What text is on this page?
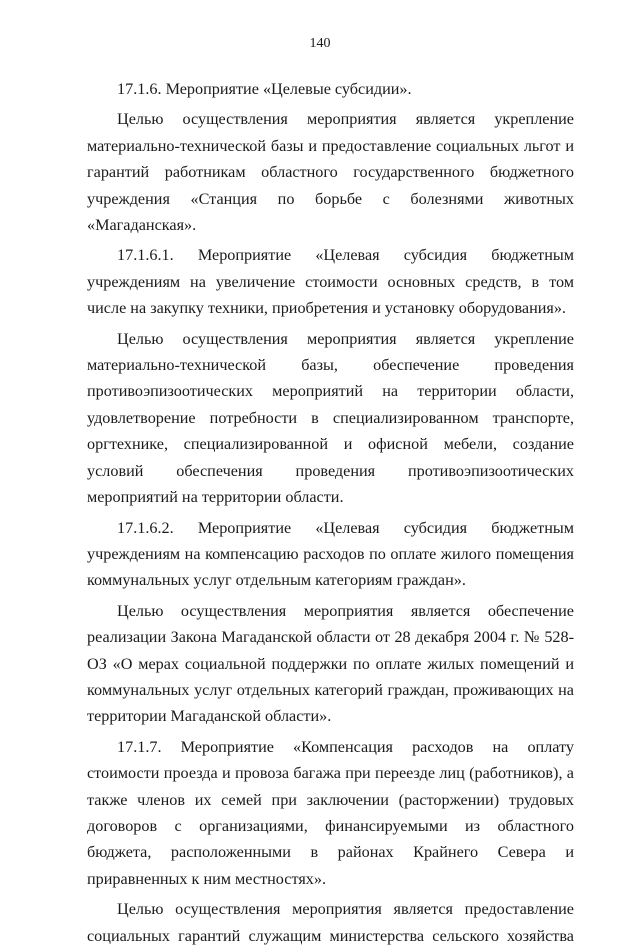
140

17.1.6. Мероприятие «Целевые субсидии».

Целью осуществления мероприятия является укрепление материально-технической базы и предоставление социальных льгот и гарантий работникам областного государственного бюджетного учреждения «Станция по борьбе с болезнями животных «Магаданская».

17.1.6.1. Мероприятие «Целевая субсидия бюджетным учреждениям на увеличение стоимости основных средств, в том числе на закупку техники, приобретения и установку оборудования».

Целью осуществления мероприятия является укрепление материально-технической базы, обеспечение проведения противоэпизоотических мероприятий на территории области, удовлетворение потребности в специализированном транспорте, оргтехнике, специализированной и офисной мебели, создание условий обеспечения проведения противоэпизоотических мероприятий на территории области.

17.1.6.2. Мероприятие «Целевая субсидия бюджетным учреждениям на компенсацию расходов по оплате жилого помещения коммунальных услуг отдельным категориям граждан».

Целью осуществления мероприятия является обеспечение реализации Закона Магаданской области от 28 декабря 2004 г. № 528-ОЗ «О мерах социальной поддержки по оплате жилых помещений и коммунальных услуг отдельных категорий граждан, проживающих на территории Магаданской области».

17.1.7. Мероприятие «Компенсация расходов на оплату стоимости проезда и провоза багажа при переезде лиц (работников), а также членов их семей при заключении (расторжении) трудовых договоров с организациями, финансируемыми из областного бюджета, расположенными в районах Крайнего Севера и приравненных к ним местностях».

Целью осуществления мероприятия является предоставление социальных гарантий служащим министерства сельского хозяйства
